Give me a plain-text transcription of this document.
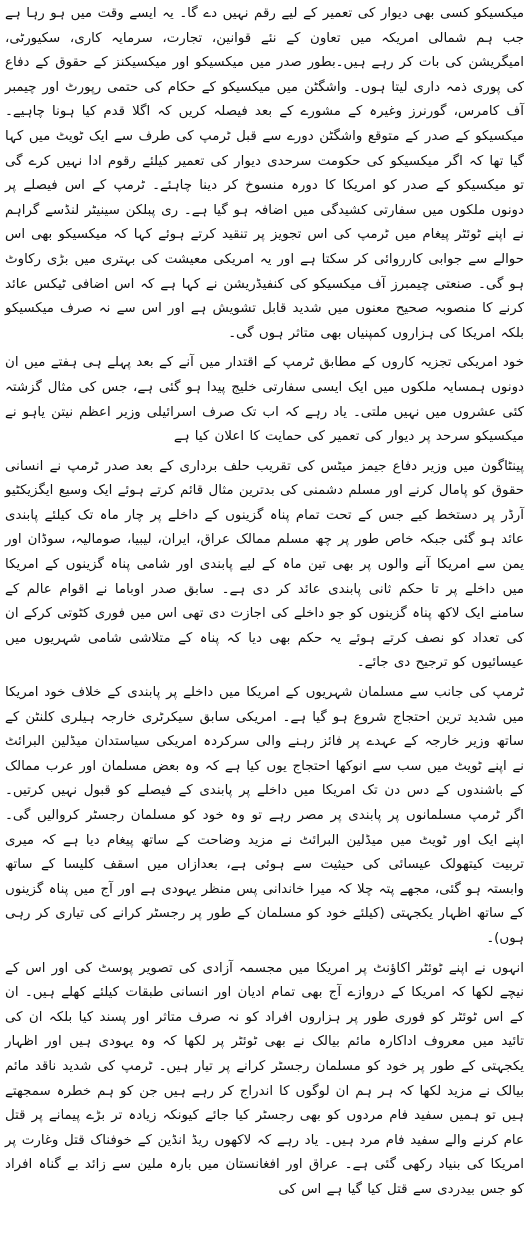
میکسیکو کسی بھی دیوار کی تعمیر کے لیے رقم نہیں دے گا۔ یہ ایسے وقت میں ہو رہا ہے جب ہم شمالی امریکہ میں تعاون کے نئے قوانین، تجارت، سرمایہ کاری، سکیورٹی، امیگریشن کی بات کر رہے ہیں۔بطور صدر میں میکسیکو اور میکسیکنز کے حقوق کے دفاع کی پوری ذمہ داری لیتا ہوں۔ واشگٹن میں میکسیکو کے حکام کی حتمی رپورٹ اور چیمبر آف کامرس، گورنرز وغیرہ کے مشورے کے بعد فیصلہ کریں کہ اگلا قدم کیا ہونا چاہیے۔ میکسیکو کے صدر کے متوقع واشگٹن دورے سے قبل ٹرمپ کی طرف سے ایک ٹویٹ میں کہا گیا تھا کہ اگر میکسیکو کی حکومت سرحدی دیوار کی تعمیر کیلئے رقوم ادا نہیں کرے گی تو میکسیکو کے صدر کو امریکا کا دورہ منسوخ کر دینا چاہئے۔ ٹرمپ کے اس فیصلے پر دونوں ملکوں میں سفارتی کشیدگی میں اضافہ ہو گیا ہے۔ ری پبلکن سینیٹر لنڈسے گراہم نے اپنے ٹوئٹر پیغام میں ٹرمپ کی اس تجویز پر تنقید کرتے ہوئے کہا کہ میکسیکو بھی اس حوالے سے جوابی کارروائی کر سکتا ہے اور یہ امریکی معیشت کی بہتری میں بڑی رکاوٹ ہو گی۔ صنعتی چیمبرز آف میکسیکو کی کنفیڈریشن نے کہا ہے کہ اس اضافی ٹیکس عائد کرنے کا منصوبہ صحیح معنوں میں شدید قابل تشویش ہے اور اس سے نہ صرف میکسیکو بلکہ امریکا کی ہزاروں کمپنیاں بھی متاثر ہوں گی۔

خود امریکی تجزیہ کاروں کے مطابق ٹرمپ کے اقتدار میں آنے کے بعد پہلے ہی ہفتے میں ان دونوں ہمسایہ ملکوں میں ایک ایسی سفارتی خلیج پیدا ہو گئی ہے، جس کی مثال گزشتہ کئی عشروں میں نہیں ملتی۔ یاد رہے کہ اب تک صرف اسرائیلی وزیر اعظم نیتن یاہو نے میکسیکو سرحد پر دیوار کی تعمیر کی حمایت کا اعلان کیا ہے

پینٹاگون میں وزیر دفاع جیمز میٹس کی تقریب حلف برداری کے بعد صدر ٹرمپ نے انسانی حقوق کو پامال کرنے اور مسلم دشمنی کی بدترین مثال قائم کرتے ہوئے ایک وسیع ایگزیکٹیو آرڈر پر دستخط کیے جس کے تحت تمام پناہ گزینوں کے داخلے پر چار ماہ تک کیلئے پابندی عائد ہو گئی جبکہ خاص طور پر چھ مسلم ممالک عراق، ایران، لیبیا، صومالیہ، سوڈان اور یمن سے امریکا آنے والوں پر بھی تین ماہ کے لیے پابندی اور شامی پناہ گزینوں کے امریکا میں داخلے پر تا حکم ثانی پابندی عائد کر دی ہے۔ سابق صدر اوباما نے اقوام عالم کے سامنے ایک لاکھ پناہ گزینوں کو جو داخلے کی اجازت دی تھی اس میں فوری کٹوتی کرکے ان کی تعداد کو نصف کرتے ہوئے یہ حکم بھی دیا کہ پناہ کے متلاشی شامی شہریوں میں عیسائیوں کو ترجیح دی جائے۔

ٹرمپ کی جانب سے مسلمان شہریوں کے امریکا میں داخلے پر پابندی کے خلاف خود امریکا میں شدید ترین احتجاج شروع ہو گیا ہے۔ امریکی سابق سیکرٹری خارجہ ہیلری کلنٹن کے ساتھ وزیر خارجہ کے عہدے پر فائز رہنے والی سرکردہ امریکی سیاستدان میڈلین البرائٹ نے اپنے ٹویٹ میں سب سے انوکھا احتجاج یوں کیا ہے کہ وہ بعض مسلمان اور عرب ممالک کے باشندوں کے دس دن تک امریکا میں داخلے پر پابندی کے فیصلے کو قبول نہیں کرتیں۔ اگر ٹرمپ مسلمانوں پر پابندی پر مصر رہے تو وہ خود کو مسلمان رجسٹر کروالیں گی۔ اپنے ایک اور ٹویٹ میں میڈلین البرائٹ نے مزید وضاحت کے ساتھ پیغام دیا ہے کہ میری تربیت کیتھولک عیسائی کی حیثیت سے ہوئی ہے، بعدازاں میں اسقف کلیسا کے ساتھ وابستہ ہو گئی، مجھے پتہ چلا کہ میرا خاندانی پس منظر یہودی ہے اور آج میں پناہ گزینوں کے ساتھ اظہار یکجہتی (کیلئے خود کو مسلمان کے طور پر رجسٹر کرانے کی تیاری کر رہی ہوں)۔

انہوں نے اپنے ٹوئٹر اکاؤنٹ پر امریکا میں مجسمہ آزادی کی تصویر پوسٹ کی اور اس کے نیچے لکھا کہ امریکا کے دروازے آج بھی تمام ادیان اور انسانی طبقات کیلئے کھلے ہیں۔ ان کے اس ٹوئٹر کو فوری طور پر ہزاروں افراد کو نہ صرف متاثر اور پسند کیا بلکہ ان کی تائید میں معروف اداکارہ مائم بیالک نے بھی ٹوئٹر پر لکھا کہ وہ یہودی ہیں اور اظہار یکجہتی کے طور پر خود کو مسلمان رجسٹر کرانے پر تیار ہیں۔ ٹرمپ کی شدید ناقد مائم بیالک نے مزید لکھا کہ ہر ہم ان لوگوں کا اندراج کر رہے ہیں جن کو ہم خطرہ سمجھتے ہیں تو ہمیں سفید فام مردوں کو بھی رجسٹر کیا جائے کیونکہ زیادہ تر بڑے پیمانے پر قتل عام کرنے والے سفید فام مرد ہیں۔ یاد رہے کہ لاکھوں ریڈ انڈین کے خوفناک قتل وغارت پر امریکا کی بنیاد رکھی گئی ہے۔ عراق اور افغانستان میں بارہ ملین سے زائد بے گناہ افراد کو جس بیدردی سے قتل کیا گیا ہے اس کی
